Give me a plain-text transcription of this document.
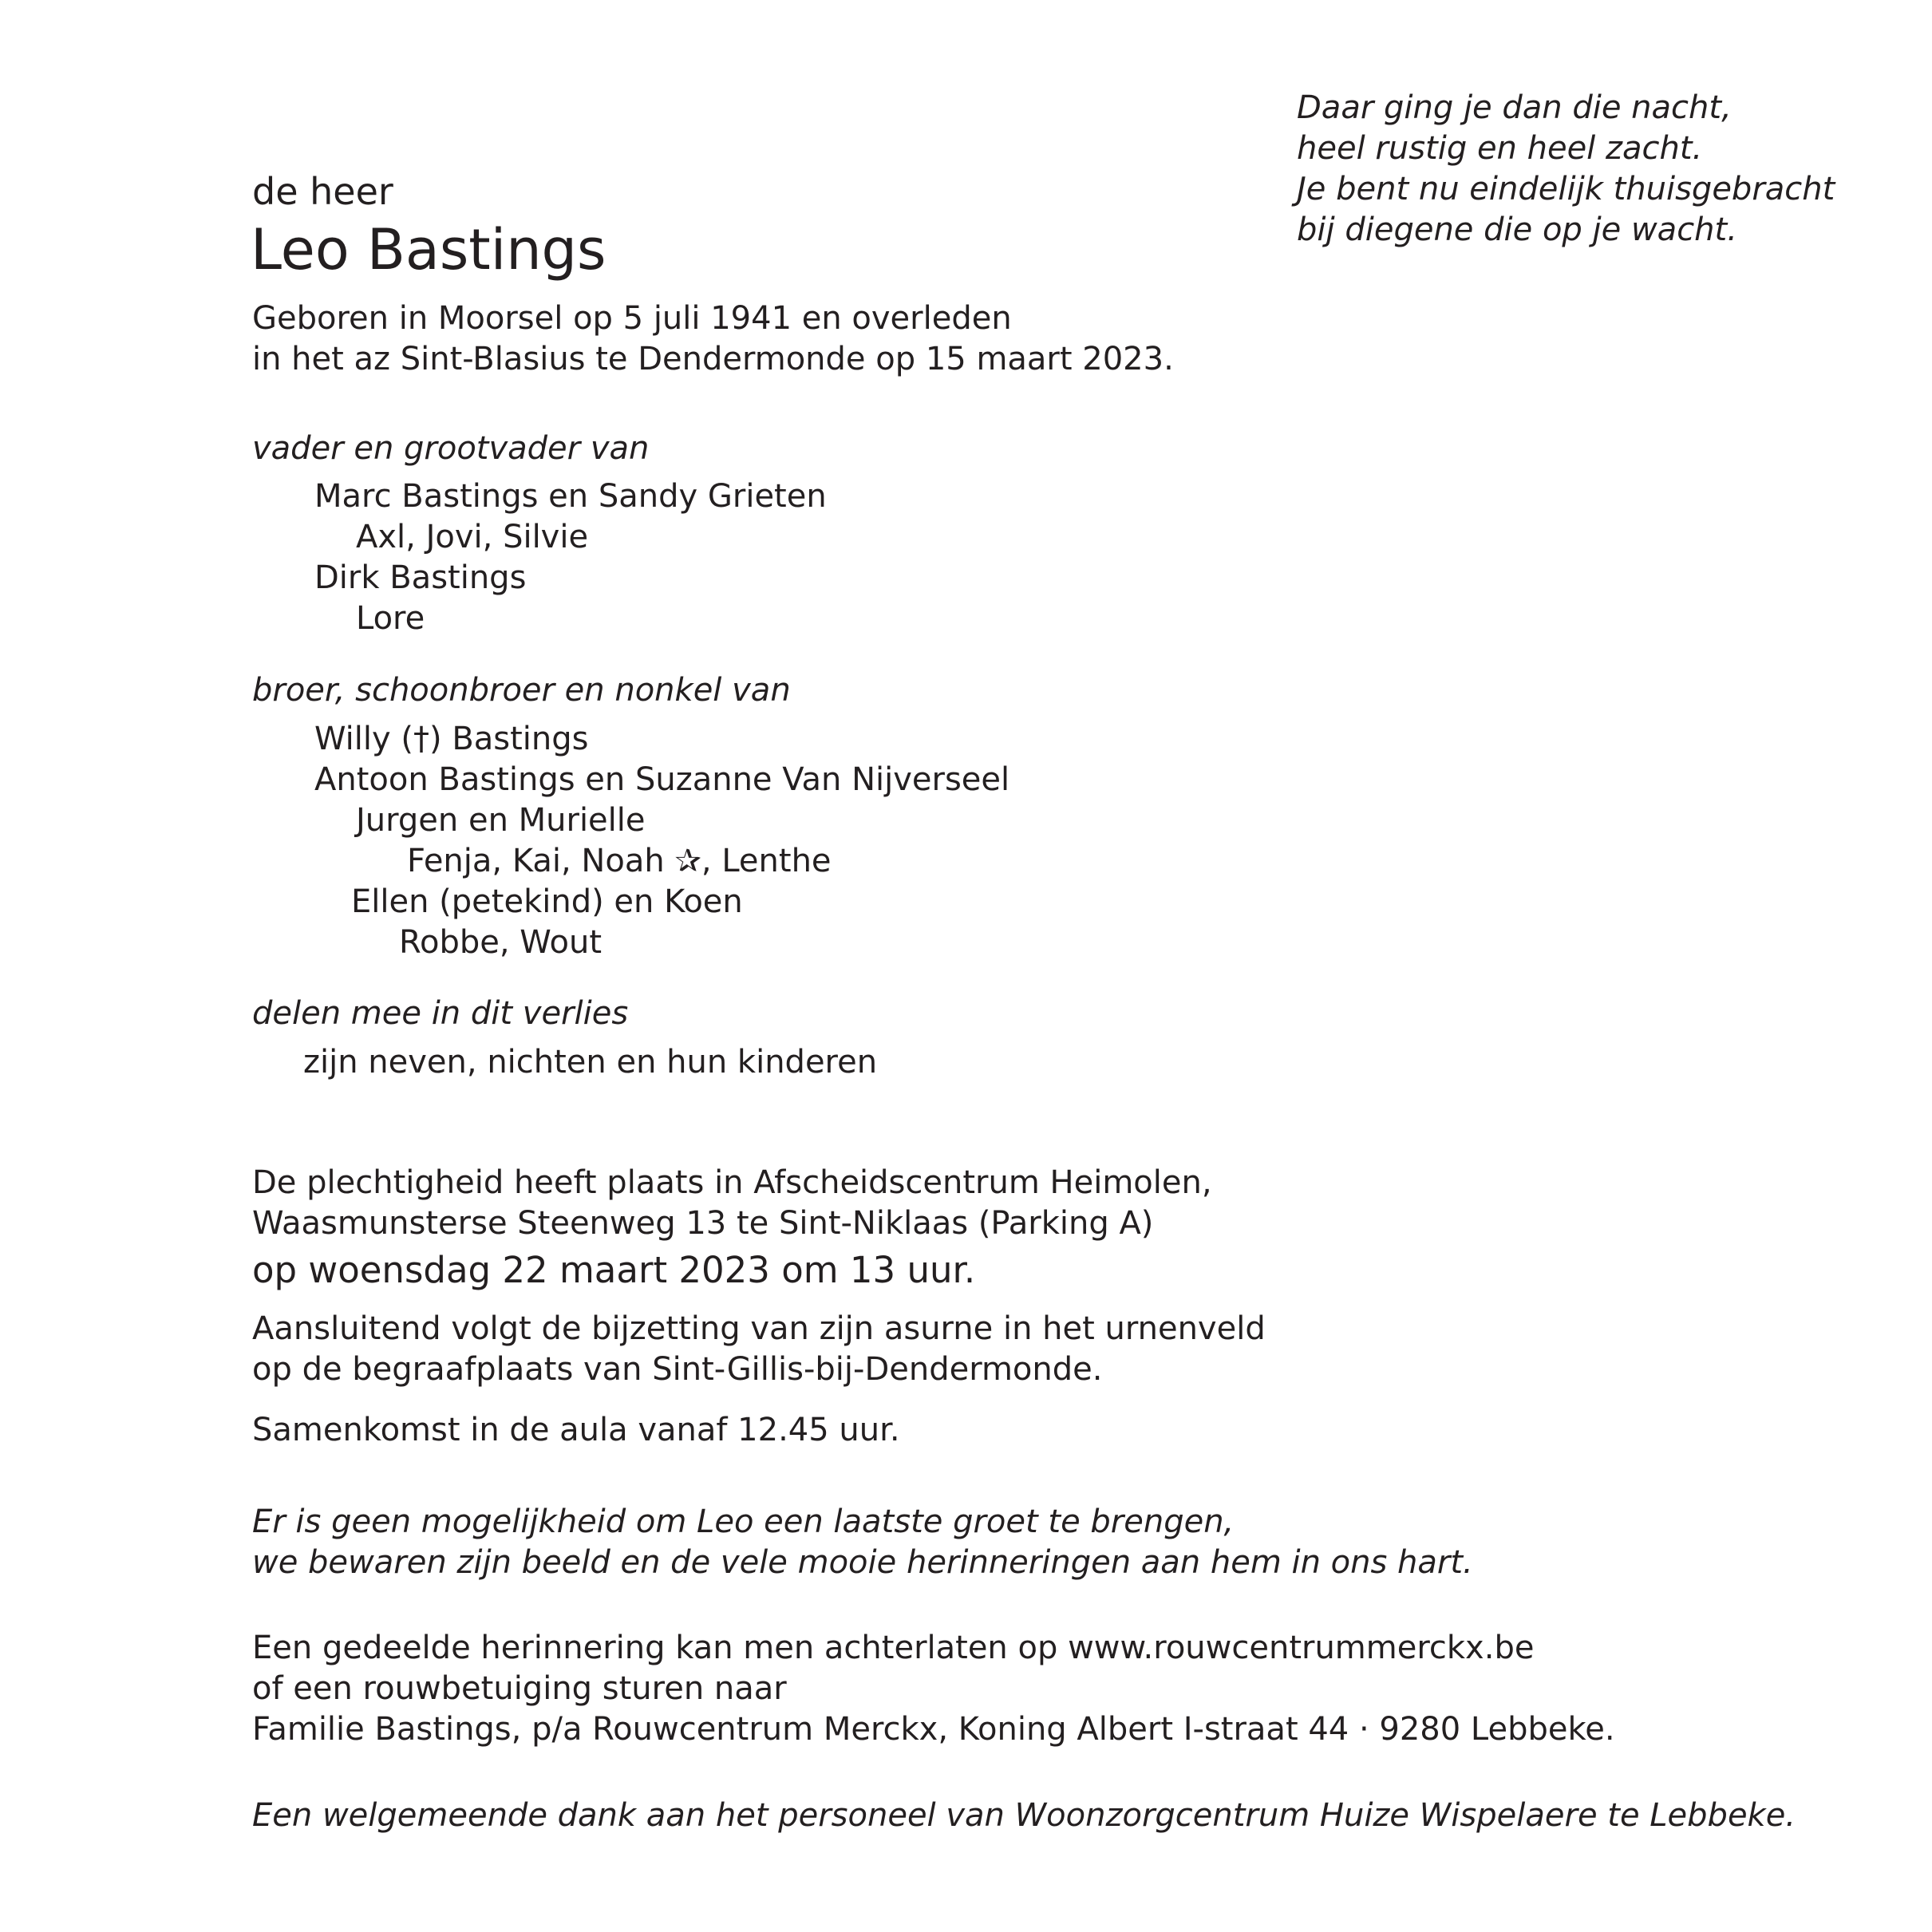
Daar ging je dan die nacht,
heel rustig en heel zacht.
Je bent nu eindelijk thuisgebracht
bij diegene die op je wacht.
de heer
Leo Bastings
Geboren in Moorsel op 5 juli 1941 en overleden
in het az Sint-Blasius te Dendermonde op 15 maart 2023.
vader en grootvader van
Marc Bastings en Sandy Grieten
Axl, Jovi, Silvie
Dirk Bastings
Lore
broer, schoonbroer en nonkel van
Willy (†) Bastings
Antoon Bastings en Suzanne Van Nijverseel
Jurgen en Murielle
Fenja, Kai, Noah ✰, Lenthe
Ellen (petekind) en Koen
Robbe, Wout
delen mee in dit verlies
zijn neven, nichten en hun kinderen
De plechtigheid heeft plaats in Afscheidscentrum Heimolen,
Waasmunsterse Steenweg 13 te Sint-Niklaas (Parking A)
op woensdag 22 maart 2023 om 13 uur.
Aansluitend volgt de bijzetting van zijn asurne in het urnenveld
op de begraafplaats van Sint-Gillis-bij-Dendermonde.
Samenkomst in de aula vanaf 12.45 uur.
Er is geen mogelijkheid om Leo een laatste groet te brengen,
we bewaren zijn beeld en de vele mooie herinneringen aan hem in ons hart.
Een gedeelde herinnering kan men achterlaten op www.rouwcentrummerckx.be
of een rouwbetuiging sturen naar
Familie Bastings, p/a Rouwcentrum Merckx, Koning Albert I-straat 44 · 9280 Lebbeke.
Een welgemeende dank aan het personeel van Woonzorgcentrum Huize Wispelaere te Lebbeke.
